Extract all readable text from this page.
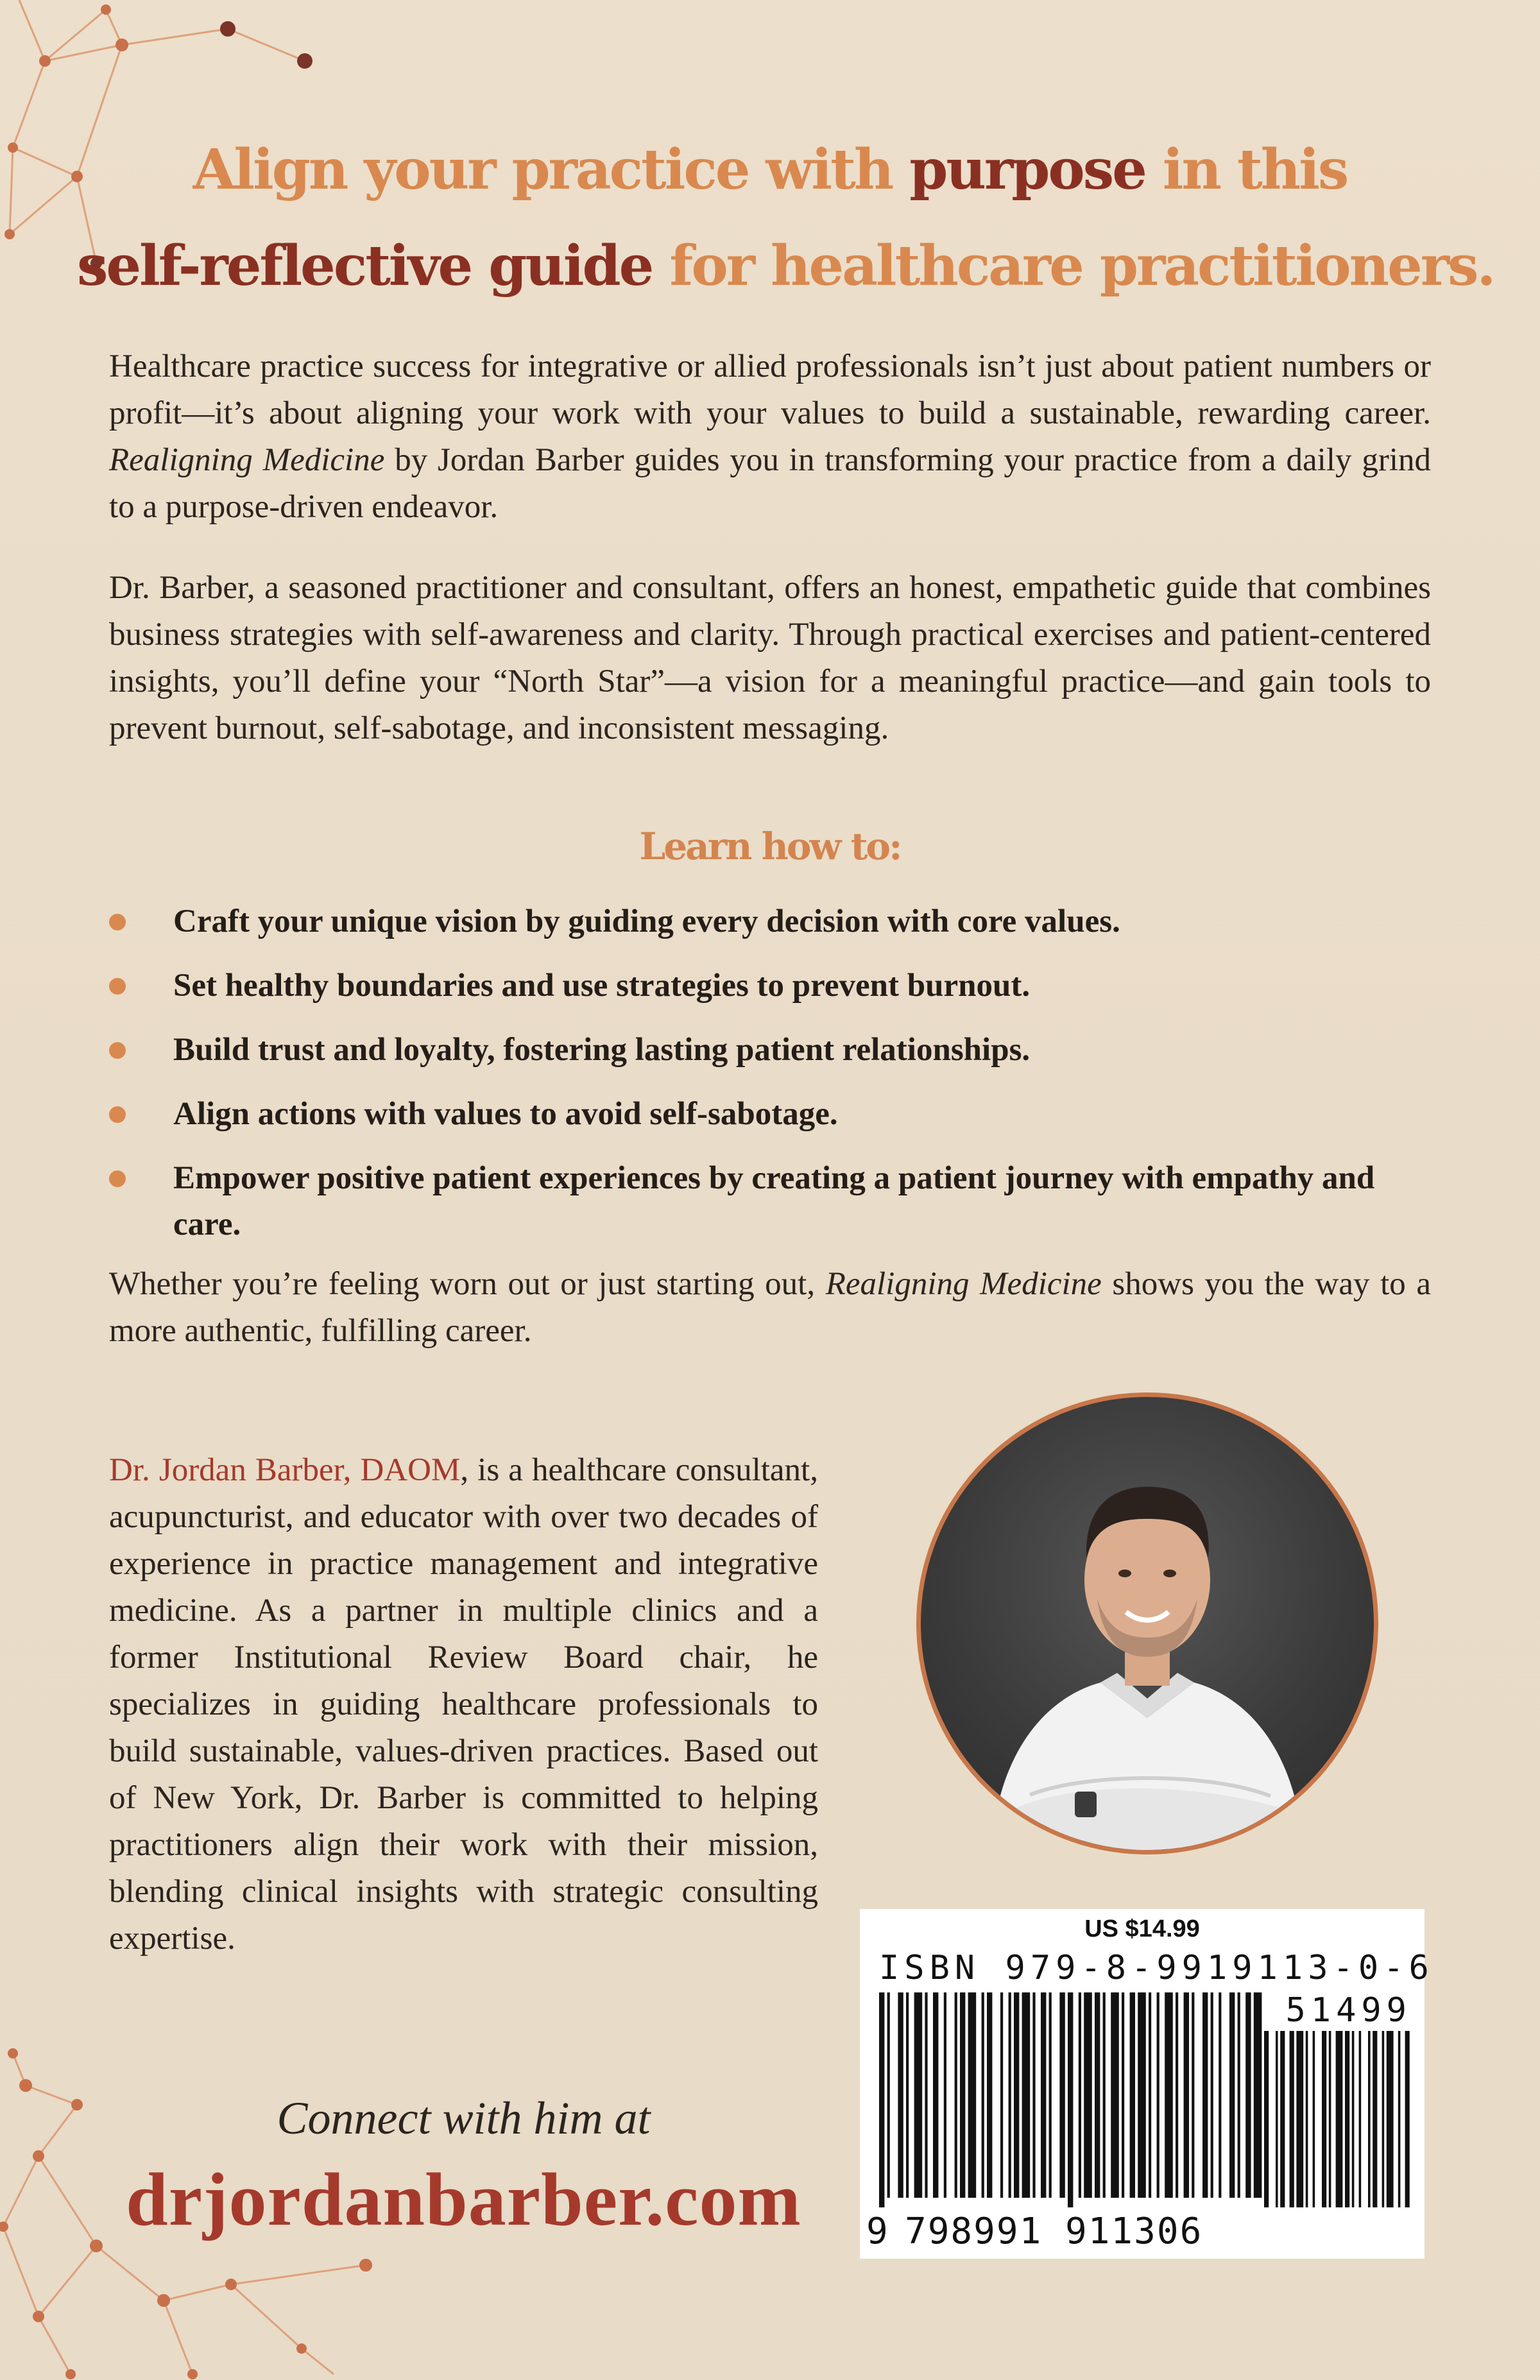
Align your practice with purpose in this
self-reflective guide for healthcare practitioners.
Healthcare practice success for integrative or allied professionals isn’t just about patient numbers or profit—it’s about aligning your work with your values to build a sustainable, rewarding career. Realigning Medicine by Jordan Barber guides you in transforming your practice from a daily grind to a purpose-driven endeavor.
Dr. Barber, a seasoned practitioner and consultant, offers an honest, empathetic guide that combines business strategies with self-awareness and clarity. Through practical exercises and patient-centered insights, you’ll define your “North Star”—a vision for a meaningful practice—and gain tools to prevent burnout, self-sabotage, and inconsistent messaging.
Learn how to:
Craft your unique vision by guiding every decision with core values.
Set healthy boundaries and use strategies to prevent burnout.
Build trust and loyalty, fostering lasting patient relationships.
Align actions with values to avoid self-sabotage.
Empower positive patient experiences by creating a patient journey with empathy and care.
Whether you’re feeling worn out or just starting out, Realigning Medicine shows you the way to a more authentic, fulfilling career.
Dr. Jordan Barber, DAOM, is a healthcare consultant, acupuncturist, and educator with over two decades of experience in practice management and integrative medicine. As a partner in multiple clinics and a former Institutional Review Board chair, he specializes in guiding healthcare professionals to build sustainable, values-driven practices. Based out of New York, Dr. Barber is committed to helping practitioners align their work with their mission, blending clinical insights with strategic consulting expertise.
Connect with him at
drjordanbarber.com
US $14.99
ISBN 979-8-9919113-0-6
51499
9 798991 911306
